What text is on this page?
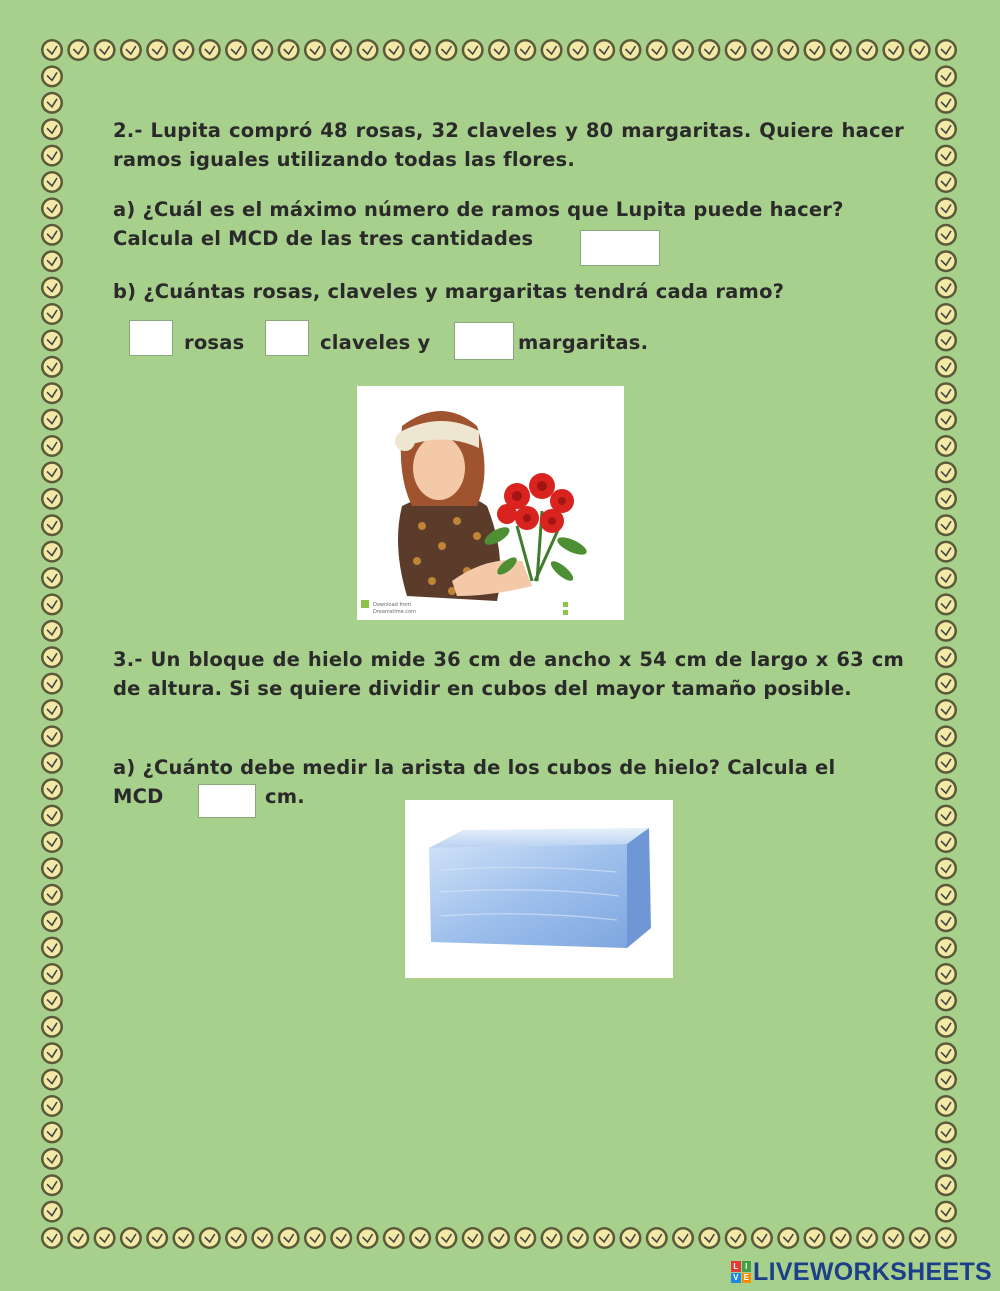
2.- Lupita compró 48 rosas, 32 claveles y 80 margaritas. Quiere hacer ramos iguales utilizando todas las flores.
a) ¿Cuál es el máximo número de ramos que Lupita puede hacer?
Calcula el MCD de las tres cantidades
b) ¿Cuántas rosas, claveles y margaritas tendrá cada ramo?
rosas	claveles y	margaritas.
Download from
Dreamstime.com
3.- Un bloque de hielo mide 36 cm de ancho x 54 cm de largo x 63 cm de altura. Si se quiere dividir en cubos del mayor tamaño posible.
a) ¿Cuánto debe medir la arista de los cubos de hielo? Calcula el
MCD	cm.
L I
V E LIVEWORKSHEETS
